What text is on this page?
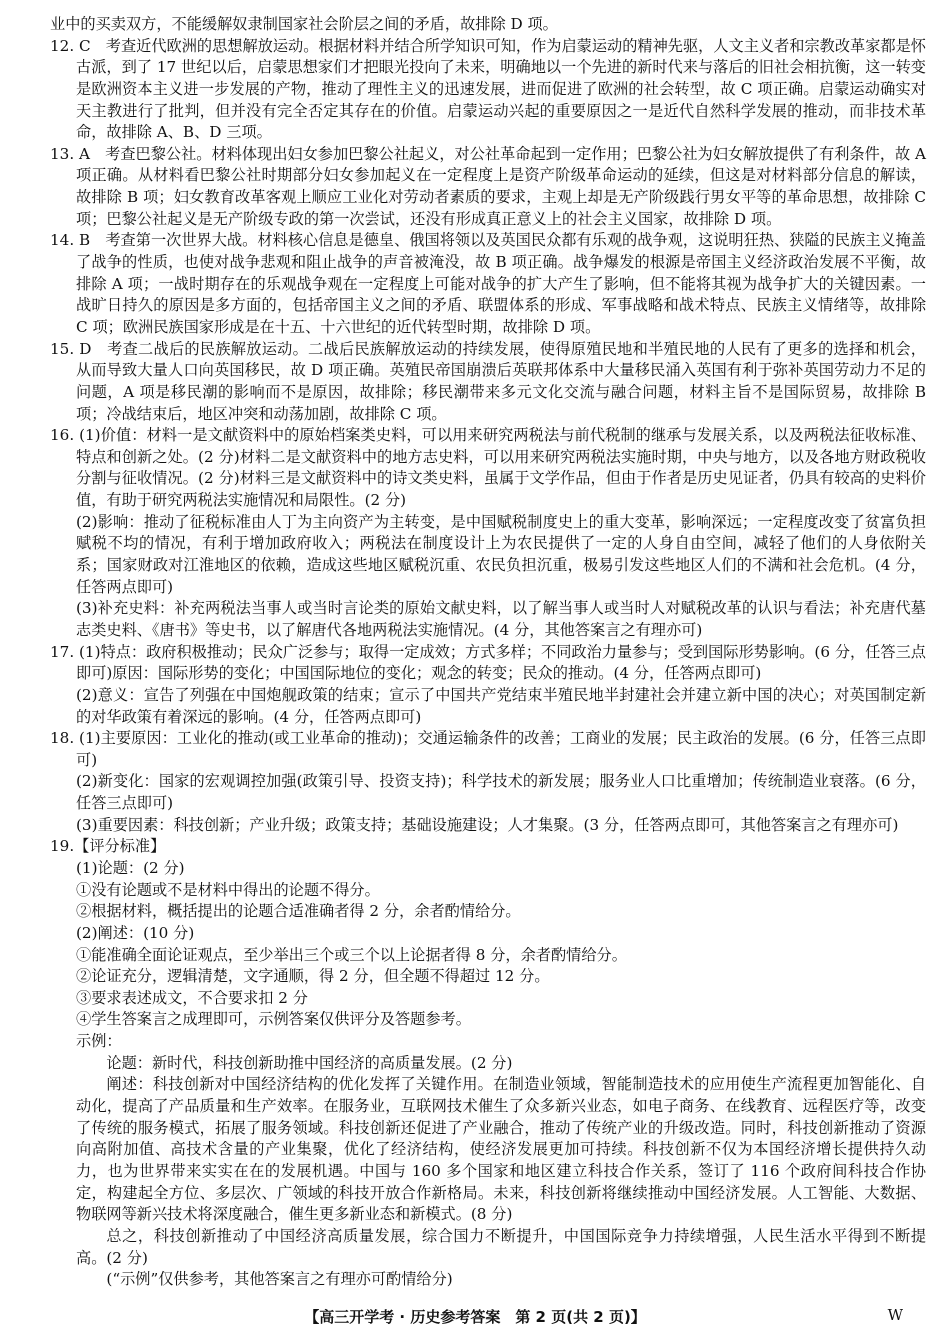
业中的买卖双方，不能缓解奴隶制国家社会阶层之间的矛盾，故排除 D 项。

12. C　考查近代欧洲的思想解放运动。根据材料并结合所学知识可知，作为启蒙运动的精神先驱，人文主义者和宗教改革家都是怀古派，到了 17 世纪以后，启蒙思想家们才把眼光投向了未来，明确地以一个先进的新时代来与落后的旧社会相抗衡，这一转变是欧洲资本主义进一步发展的产物，推动了理性主义的迅速发展，进而促进了欧洲的社会转型，故 C 项正确。启蒙运动确实对天主教进行了批判，但并没有完全否定其存在的价值。启蒙运动兴起的重要原因之一是近代自然科学发展的推动，而非技术革命，故排除 A、B、D 三项。

13. A　考查巴黎公社。材料体现出妇女参加巴黎公社起义，对公社革命起到一定作用；巴黎公社为妇女解放提供了有利条件，故 A 项正确。从材料看巴黎公社时期部分妇女参加起义在一定程度上是资产阶级革命运动的延续，但这是对材料部分信息的解读，故排除 B 项；妇女教育改革客观上顺应工业化对劳动者素质的要求，主观上却是无产阶级践行男女平等的革命思想，故排除 C 项；巴黎公社起义是无产阶级专政的第一次尝试，还没有形成真正意义上的社会主义国家，故排除 D 项。

14. B　考查第一次世界大战。材料核心信息是德皇、俄国将领以及英国民众都有乐观的战争观，这说明狂热、狭隘的民族主义掩盖了战争的性质，也使对战争悲观和阻止战争的声音被淹没，故 B 项正确。战争爆发的根源是帝国主义经济政治发展不平衡，故排除 A 项；一战时期存在的乐观战争观在一定程度上可能对战争的扩大产生了影响，但不能将其视为战争扩大的关键因素。一战旷日持久的原因是多方面的，包括帝国主义之间的矛盾、联盟体系的形成、军事战略和战术特点、民族主义情绪等，故排除 C 项；欧洲民族国家形成是在十五、十六世纪的近代转型时期，故排除 D 项。

15. D　考查二战后的民族解放运动。二战后民族解放运动的持续发展，使得原殖民地和半殖民地的人民有了更多的选择和机会，从而导致大量人口向英国移民，故 D 项正确。英殖民帝国崩溃后英联邦体系中大量移民涌入英国有利于弥补英国劳动力不足的问题，A 项是移民潮的影响而不是原因，故排除；移民潮带来多元文化交流与融合问题，材料主旨不是国际贸易，故排除 B 项；冷战结束后，地区冲突和动荡加剧，故排除 C 项。

16. (1)价值：材料一是文献资料中的原始档案类史料，可以用来研究两税法与前代税制的继承与发展关系，以及两税法征收标准、特点和创新之处。(2 分)材料二是文献资料中的地方志史料，可以用来研究两税法实施时期，中央与地方，以及各地方财政税收分割与征收情况。(2 分)材料三是文献资料中的诗文类史料，虽属于文学作品，但由于作者是历史见证者，仍具有较高的史料价值，有助于研究两税法实施情况和局限性。(2 分)

(2)影响：推动了征税标准由人丁为主向资产为主转变，是中国赋税制度史上的重大变革，影响深远；一定程度改变了贫富负担赋税不均的情况，有利于增加政府收入；两税法在制度设计上为农民提供了一定的人身自由空间，减轻了他们的人身依附关系；国家财政对江淮地区的依赖，造成这些地区赋税沉重、农民负担沉重，极易引发这些地区人们的不满和社会危机。(4 分，任答两点即可)

(3)补充史料：补充两税法当事人或当时言论类的原始文献史料，以了解当事人或当时人对赋税改革的认识与看法；补充唐代墓志类史料、《唐书》等史书，以了解唐代各地两税法实施情况。(4 分，其他答案言之有理亦可)

17. (1)特点：政府积极推动；民众广泛参与；取得一定成效；方式多样；不同政治力量参与；受到国际形势影响。(6 分，任答三点即可)原因：国际形势的变化；中国国际地位的变化；观念的转变；民众的推动。(4 分，任答两点即可)

(2)意义：宣告了列强在中国炮舰政策的结束；宣示了中国共产党结束半殖民地半封建社会并建立新中国的决心；对英国制定新的对华政策有着深远的影响。(4 分，任答两点即可)

18. (1)主要原因：工业化的推动(或工业革命的推动)；交通运输条件的改善；工商业的发展；民主政治的发展。(6 分，任答三点即可)

(2)新变化：国家的宏观调控加强(政策引导、投资支持)；科学技术的新发展；服务业人口比重增加；传统制造业衰落。(6 分，任答三点即可)

(3)重要因素：科技创新；产业升级；政策支持；基础设施建设；人才集聚。(3 分，任答两点即可，其他答案言之有理亦可)

19.【评分标准】

(1)论题：(2 分)

①没有论题或不是材料中得出的论题不得分。

②根据材料，概括提出的论题合适准确者得 2 分，余者酌情给分。

(2)阐述：(10 分)

①能准确全面论证观点，至少举出三个或三个以上论据者得 8 分，余者酌情给分。

②论证充分，逻辑清楚，文字通顺，得 2 分，但全题不得超过 12 分。

③要求表述成文，不合要求扣 2 分

④学生答案言之成理即可，示例答案仅供评分及答题参考。

示例：

论题：新时代，科技创新助推中国经济的高质量发展。(2 分)

阐述：科技创新对中国经济结构的优化发挥了关键作用。在制造业领域，智能制造技术的应用使生产流程更加智能化、自动化，提高了产品质量和生产效率。在服务业，互联网技术催生了众多新兴业态，如电子商务、在线教育、远程医疗等，改变了传统的服务模式，拓展了服务领域。科技创新还促进了产业融合，推动了传统产业的升级改造。同时，科技创新推动了资源向高附加值、高技术含量的产业集聚，优化了经济结构，使经济发展更加可持续。科技创新不仅为本国经济增长提供持久动力，也为世界带来实实在在的发展机遇。中国与 160 多个国家和地区建立科技合作关系，签订了 116 个政府间科技合作协定，构建起全方位、多层次、广领域的科技开放合作新格局。未来，科技创新将继续推动中国经济发展。人工智能、大数据、物联网等新兴技术将深度融合，催生更多新业态和新模式。(8 分)

总之，科技创新推动了中国经济高质量发展，综合国力不断提升，中国国际竞争力持续增强，人民生活水平得到不断提高。(2 分)

(“示例”仅供参考，其他答案言之有理亦可酌情给分)

【高三开学考 · 历史参考答案　第 2 页(共 2 页)】	W
